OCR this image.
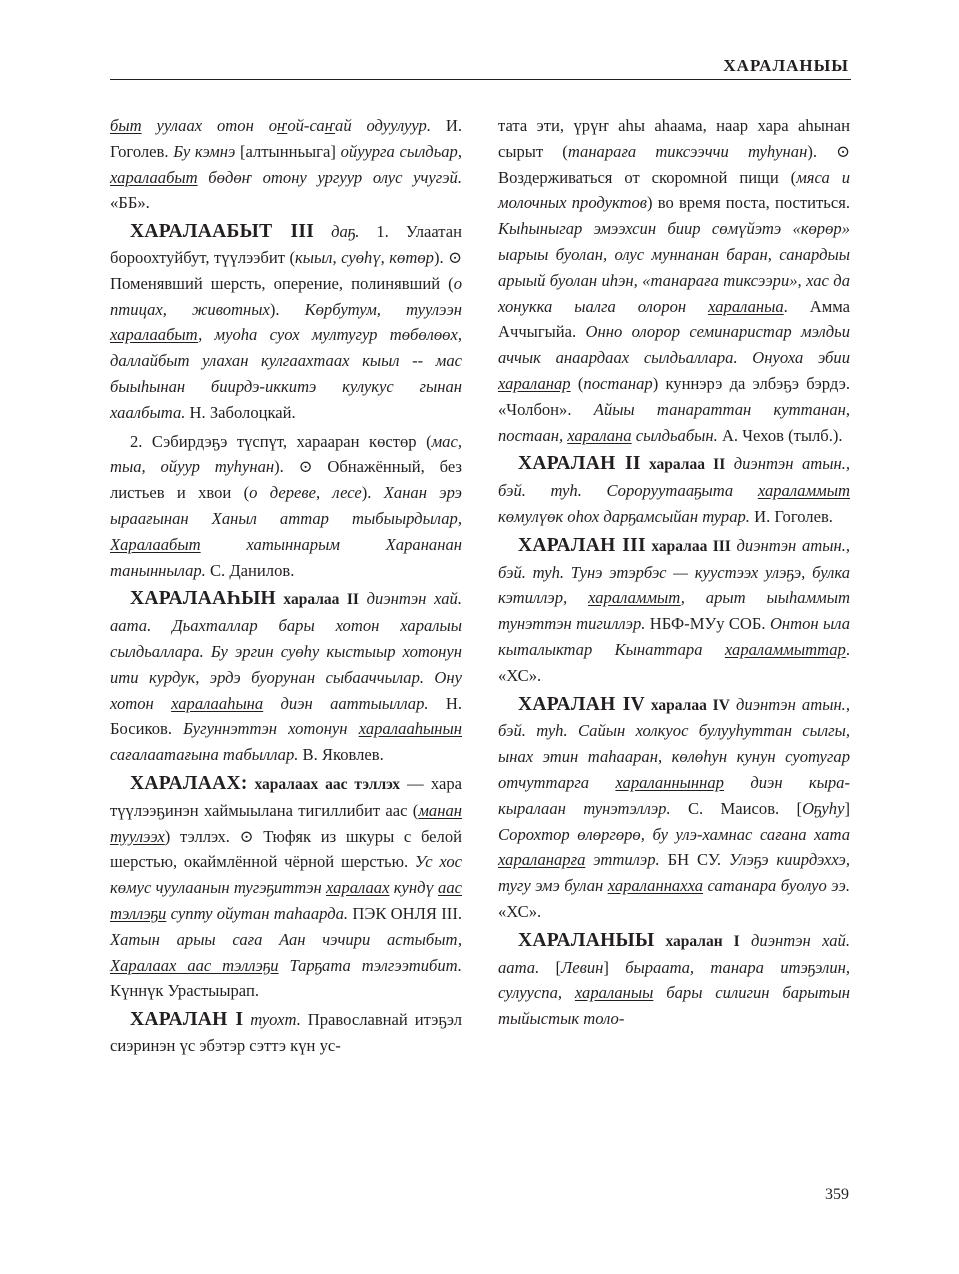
ХАРАЛАНЫЫ

быт уулаах отон оҥой-саҥай одуулуур. И. Гоголев. Бу кэмнэ [алтынньыга] ойуурга сылдьар, хаpалаабыт бөдөҥ отону ургуур олус учугэй. «ББ».

ХАРАЛААБЫТ III даҕ. 1. Улаатан бороохтуйбут, түүлээбит (кыыл, суөһү, көтөр). ⊙ Поменявший шерсть, оперение, полинявший (о птицах, животных). Көрбутум, туулээн хаpалаабыт, муоһа суох мултугур төбөлөөх, даллайбыт улахан кулгаахтаах кыыл -- мас быыһынан биирдэ-иккитэ кулукус гынан хаалбыта. Н. Заболоцкай.

2. Сэбирдэҕэ түспүт, харааран көстөр (мас, тыа, ойуур туһунан). ⊙ Обнажённый, без листьев и хвои (о дереве, лесе). Ханан эрэ ыраағынан Ханыл аттар тыбыырдылар, Хаpалаабыт хатыннарым Харананан таныннылар. С. Данилов.

ХАРАЛААҺЫН харалаа II диэнтэн хай. аата. Дьахталлар бары хотон харалыы сылдьаллара. Бу эргин суөһу кыстыыр хотонун ити курдук, эрдэ буорунан сыбааччылар. Ону хотон хаpалааһына диэн ааттыыллар. Н. Босиков. Бугуннэттэн хотонун хаpалааһынын сағалаатағына табыллар. В. Яковлев.

ХАРАЛААХ: харалаах аас тэллэх — хара түүлээҕинэн хаймыылана тигиллибит аас (манан туулээх) тэллэх. ⊙ Тюфяк из шкуры с белой шерстью, окаймлённой чёрной шерстью. Ус хос көмус чуулаанын тугэҕиттэн хаpалаах кундү аас тэллэҕи супту ойутан таһаарда. ПЭК ОНЛЯ III. Хатын арыы сағa Аан чэчири астыбыт, Хаpалаах аас тэллэҕи Тарҕата тэлгээтибит. Күннүк Урастыырап.

ХАРАЛАН I туохт. Православнай итэҕэл сиэринэн үс эбэтэр сэттэ күн ус-

тата эти, үрүҥ аһы аһаама, наар хара аһынан сырыт (танараға тиксээччи туһунан). ⊙ Воздерживаться от скоромной пищи (мяса и молочных продуктов) во время поста, поститься. Кыһыныгар эмээхсин биир сөмүйэтэ «көрөр» ыарыы буолан, олус муннанан баран, санардыы арыый буолан иһэн, «танараға тиксээри», хас да хонукка ыалга олорон хаpаланыа. Амма Аччыгыйа. Онно олорор семинаристар мэлдьи аччык анаардаах сылдьаллара. Онуоха эбии хаpаланар (постанар) куннэрэ да элбэҕэ бэрдэ. «Чолбон». Айыы танараттан куттанан, постаан, хаpалана сылдьабын. А. Чехов (тылб.).

ХАРАЛАН II харалаа II диэнтэн атын., бэй. туһ. Сороруутааҕыта хаpаламмыт көмулүөк оһох дарҕамсыйан турар. И. Гоголев.

ХАРАЛАН III харалаа III диэнтэн атын., бэй. туһ. Тунэ этэрбэс — куустээх улэҕэ, булка кэтиллэр, хаpаламмыт, арыт ыыһаммыт тунэттэн тигиллэр. НБФ-МУу СОБ. Онтон ыла кыталыктар Кынаттара хаpаламмыттар. «ХС».

ХАРАЛАН IV харалаа IV диэнтэн атын., бэй. туһ. Сайын холкуос булууһуттан сылгы, ынах этин таһааран, көлөһун кунун суотугар отчуттарга хаpаланныннар диэн кыра-кыралаан тунэтэллэр. С. Маисов. [Оҕуһу] Сорохтор өлөргөрө, бу улэ-хамнас сағана хата хаpаланарға эттилэр. БН СУ. Улэҕэ киирдэххэ, тугу эмэ булан хаpаланнахха сатанара буолуо ээ. «ХС».

ХАРАЛАНЫЫ харалан I диэнтэн хай. аата. [Левин] бырaатa, танара итэҕэлин, сулууспа, хаpаланыы бары силигин барытын тыйыстык толо-

359
